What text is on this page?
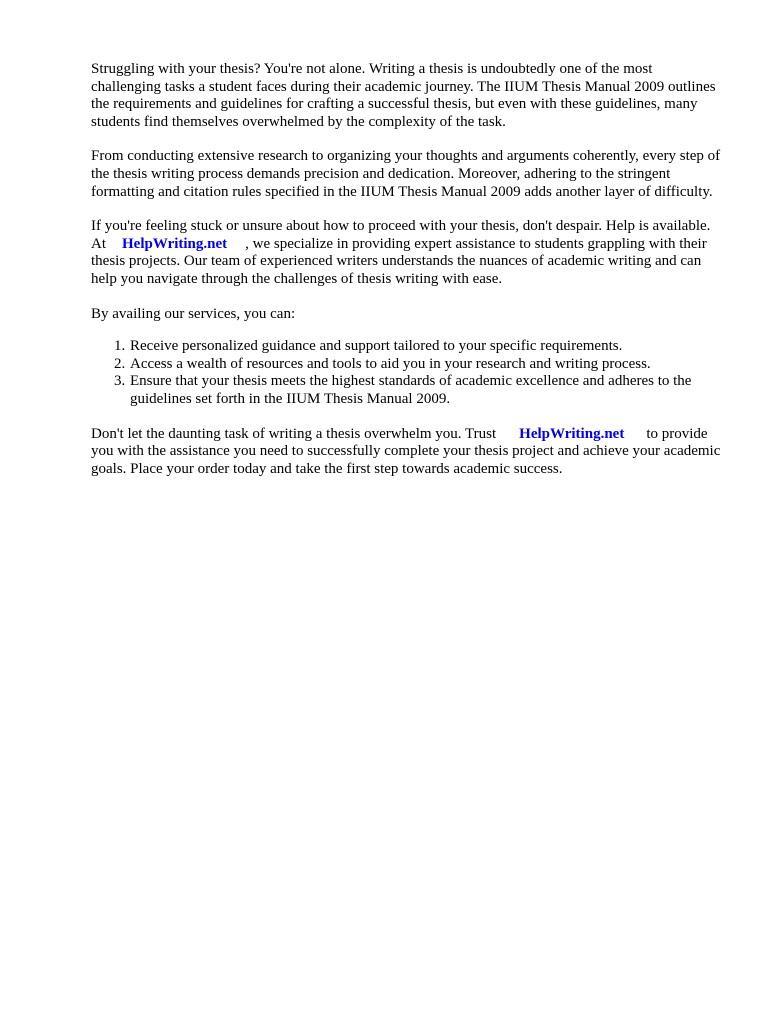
Struggling with your thesis? You're not alone. Writing a thesis is undoubtedly one of the most challenging tasks a student faces during their academic journey. The IIUM Thesis Manual 2009 outlines the requirements and guidelines for crafting a successful thesis, but even with these guidelines, many students find themselves overwhelmed by the complexity of the task.

From conducting extensive research to organizing your thoughts and arguments coherently, every step of the thesis writing process demands precision and dedication. Moreover, adhering to the stringent formatting and citation rules specified in the IIUM Thesis Manual 2009 adds another layer of difficulty.

If you're feeling stuck or unsure about how to proceed with your thesis, don't despair. Help is available. At HelpWriting.net , we specialize in providing expert assistance to students grappling with their thesis projects. Our team of experienced writers understands the nuances of academic writing and can help you navigate through the challenges of thesis writing with ease.

By availing our services, you can:

1. Receive personalized guidance and support tailored to your specific requirements.
2. Access a wealth of resources and tools to aid you in your research and writing process.
3. Ensure that your thesis meets the highest standards of academic excellence and adheres to the guidelines set forth in the IIUM Thesis Manual 2009.

Don't let the daunting task of writing a thesis overwhelm you. Trust HelpWriting.net to provide you with the assistance you need to successfully complete your thesis project and achieve your academic goals. Place your order today and take the first step towards academic success.
